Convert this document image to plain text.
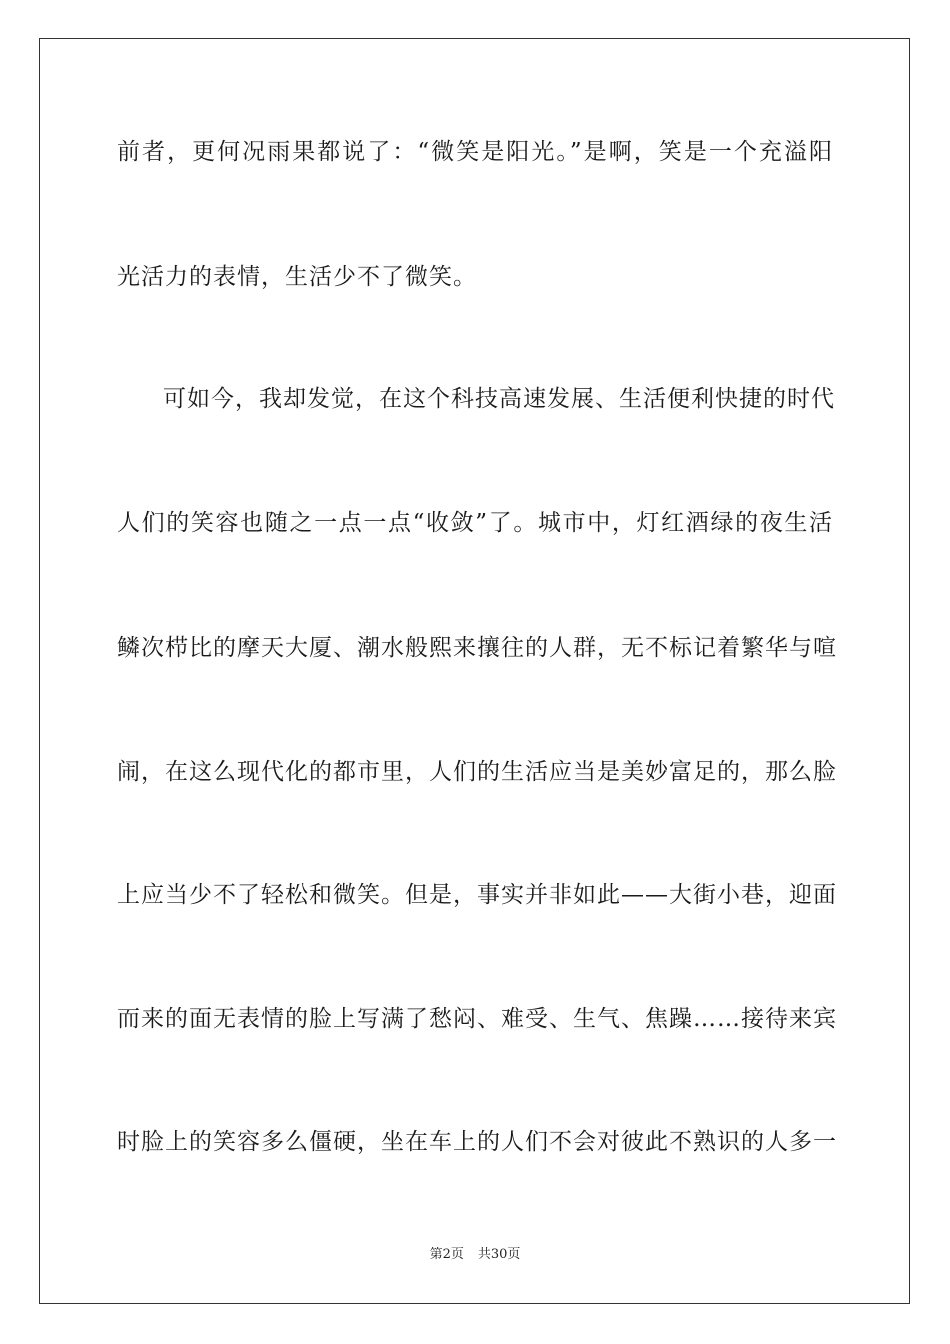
前者，更何况雨果都说了：“微笑是阳光。”是啊，笑是一个充溢阳
光活力的表情，生活少不了微笑。
可如今，我却发觉，在这个科技高速发展、生活便利快捷的时代
人们的笑容也随之一点一点“收敛”了。城市中，灯红酒绿的夜生活
鳞次栉比的摩天大厦、潮水般熙来攘往的人群，无不标记着繁华与喧
闹，在这么现代化的都市里，人们的生活应当是美妙富足的，那么脸
上应当少不了轻松和微笑。但是，事实并非如此——大街小巷，迎面
而来的面无表情的脸上写满了愁闷、难受、生气、焦躁……接待来宾
时脸上的笑容多么僵硬，坐在车上的人们不会对彼此不熟识的人多一
第2页 共30页
